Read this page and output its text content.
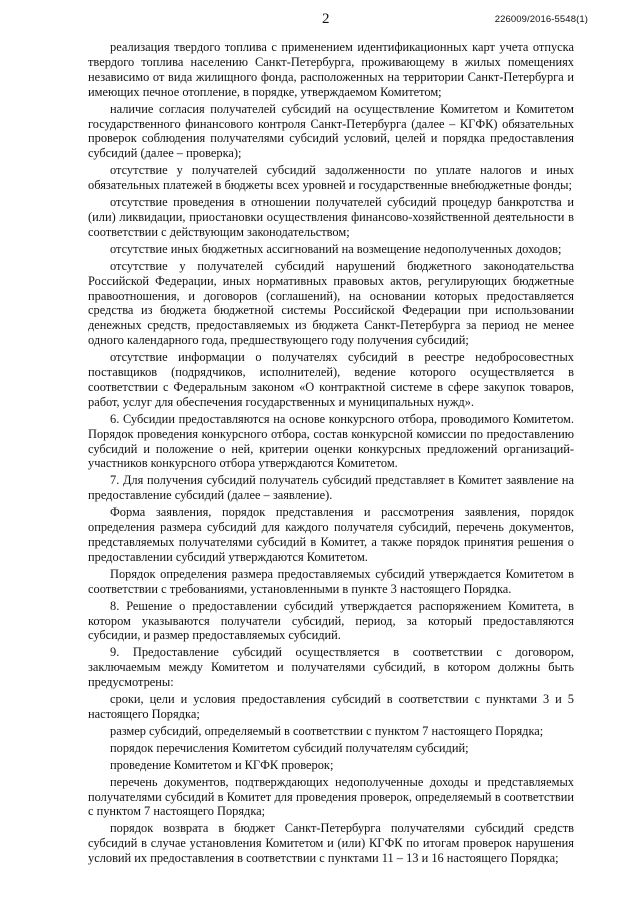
2	226009/2016-5548(1)

реализация твердого топлива с применением идентификационных карт учета отпуска твердого топлива населению Санкт-Петербурга, проживающему в жилых помещениях независимо от вида жилищного фонда, расположенных на территории Санкт-Петербурга и имеющих печное отопление, в порядке, утверждаемом Комитетом;

наличие согласия получателей субсидий на осуществление Комитетом и Комитетом государственного финансового контроля Санкт-Петербурга (далее – КГФК) обязательных проверок соблюдения получателями субсидий условий, целей и порядка предоставления субсидий (далее – проверка);

отсутствие у получателей субсидий задолженности по уплате налогов и иных обязательных платежей в бюджеты всех уровней и государственные внебюджетные фонды;

отсутствие проведения в отношении получателей субсидий процедур банкротства и (или) ликвидации, приостановки осуществления финансово-хозяйственной деятельности в соответствии с действующим законодательством;

отсутствие иных бюджетных ассигнований на возмещение недополученных доходов;

отсутствие у получателей субсидий нарушений бюджетного законодательства Российской Федерации, иных нормативных правовых актов, регулирующих бюджетные правоотношения, и договоров (соглашений), на основании которых предоставляется средства из бюджета бюджетной системы Российской Федерации при использовании денежных средств, предоставляемых из бюджета Санкт-Петербурга за период не менее одного календарного года, предшествующего году получения субсидий;

отсутствие информации о получателях субсидий в реестре недобросовестных поставщиков (подрядчиков, исполнителей), ведение которого осуществляется в соответствии с Федеральным законом «О контрактной системе в сфере закупок товаров, работ, услуг для обеспечения государственных и муниципальных нужд».

6. Субсидии предоставляются на основе конкурсного отбора, проводимого Комитетом. Порядок проведения конкурсного отбора, состав конкурсной комиссии по предоставлению субсидий и положение о ней, критерии оценки конкурсных предложений организаций-участников конкурсного отбора утверждаются Комитетом.

7. Для получения субсидий получатель субсидий представляет в Комитет заявление на предоставление субсидий (далее – заявление).

Форма заявления, порядок представления и рассмотрения заявления, порядок определения размера субсидий для каждого получателя субсидий, перечень документов, представляемых получателями субсидий в Комитет, а также порядок принятия решения о предоставлении субсидий утверждаются Комитетом.

Порядок определения размера предоставляемых субсидий утверждается Комитетом в соответствии с требованиями, установленными в пункте 3 настоящего Порядка.

8. Решение о предоставлении субсидий утверждается распоряжением Комитета, в котором указываются получатели субсидий, период, за который предоставляются субсидии, и размер предоставляемых субсидий.

9. Предоставление субсидий осуществляется в соответствии с договором, заключаемым между Комитетом и получателями субсидий, в котором должны быть предусмотрены:

сроки, цели и условия предоставления субсидий в соответствии с пунктами 3 и 5 настоящего Порядка;

размер субсидий, определяемый в соответствии с пунктом 7 настоящего Порядка;

порядок перечисления Комитетом субсидий получателям субсидий;

проведение Комитетом и КГФК проверок;

перечень документов, подтверждающих недополученные доходы и представляемых получателями субсидий в Комитет для проведения проверок, определяемый в соответствии с пунктом 7 настоящего Порядка;

порядок возврата в бюджет Санкт-Петербурга получателями субсидий средств субсидий в случае установления Комитетом и (или) КГФК по итогам проверок нарушения условий их предоставления в соответствии с пунктами 11 – 13 и 16 настоящего Порядка;
